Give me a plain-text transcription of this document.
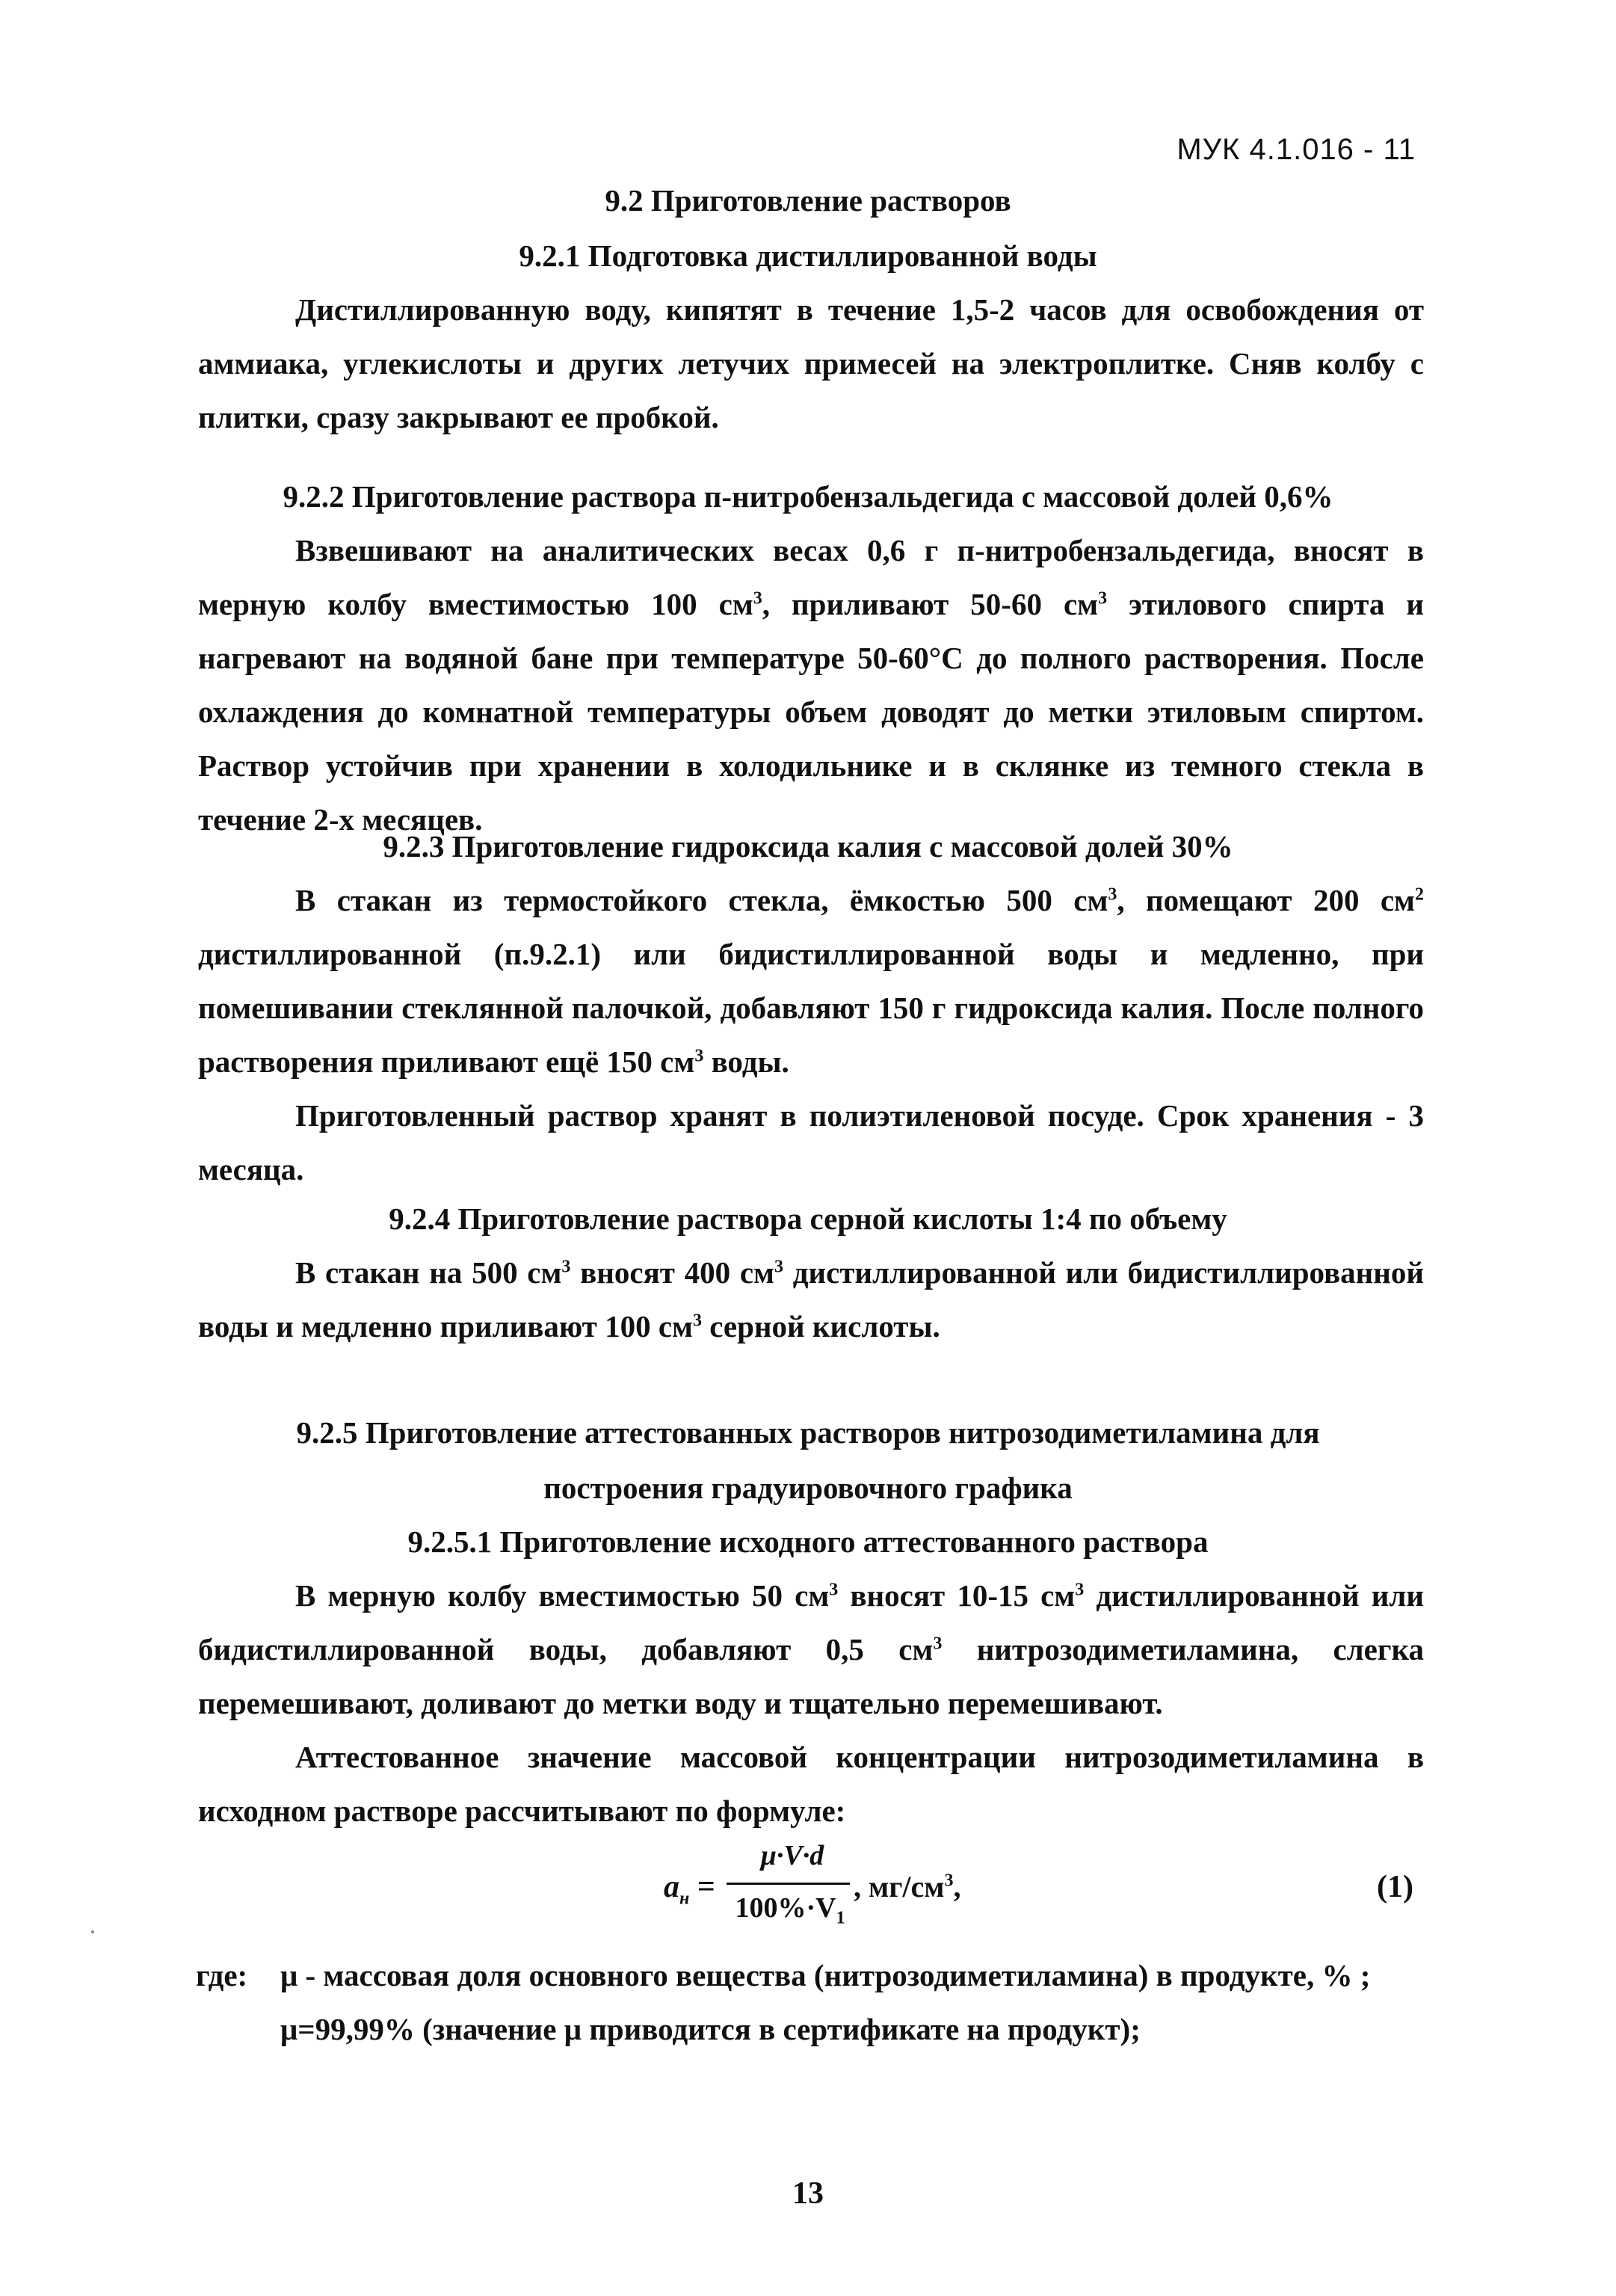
МУК 4.1.016 - 11
9.2 Приготовление растворов
9.2.1 Подготовка дистиллированной воды

Дистиллированную воду, кипятят в течение 1,5-2 часов для освобождения от аммиака, углекислоты и других летучих примесей на электроплитке. Сняв колбу с плитки, сразу закрывают ее пробкой.

9.2.2 Приготовление раствора п-нитробензальдегида с массовой долей 0,6%

Взвешивают на аналитических весах 0,6 г п-нитробензальдегида, вносят в мерную колбу вместимостью 100 $см^3$, приливают 50-60 $см^3$ этилового спирта и нагревают на водяной бане при температуре 50-60°С до полного растворения. После охлаждения до комнатной температуры объем доводят до метки этиловым спиртом. Раствор устойчив при хранении в холодильнике и в склянке из темного стекла в течение 2-х месяцев.

9.2.3 Приготовление гидроксида калия с массовой долей 30%

В стакан из термостойкого стекла, ёмкостью 500 $см^3$, помещают 200 $см^2$ дистиллированной (п.9.2.1) или бидистиллированной воды и медленно, при помешивании стеклянной палочкой, добавляют 150 г гидроксида калия. После полного растворения приливают ещё 150 $см^3$ воды.

Приготовленный раствор хранят в полиэтиленовой посуде. Срок хранения - 3 месяца.

9.2.4 Приготовление раствора серной кислоты 1:4 по объему

В стакан на 500 $см^3$ вносят 400 $см^3$ дистиллированной или бидистиллированной воды и медленно приливают 100 $см^3$ серной кислоты.

9.2.5 Приготовление аттестованных растворов нитрозодиметиламина для
построения градуировочного графика
9.2.5.1 Приготовление исходного аттестованного раствора

В мерную колбу вместимостью 50 $см^3$ вносят 10-15 $см^3$ дистиллированной или бидистиллированной воды, добавляют 0,5 $см^3$ нитрозодиметиламина, слегка перемешивают, доливают до метки воду и тщательно перемешивают.

Аттестованное значение массовой концентрации нитрозодиметиламина в исходном растворе рассчитывают по формуле:

$a_н$ =
μ·V·d
$100\%\cdot V_1$
, $мг/см^3$,	(1)
где: μ - массовая доля основного вещества (нитрозодиметиламина) в продукте, % ;
μ=99,99% (значение μ приводится в сертификате на продукт);
13
